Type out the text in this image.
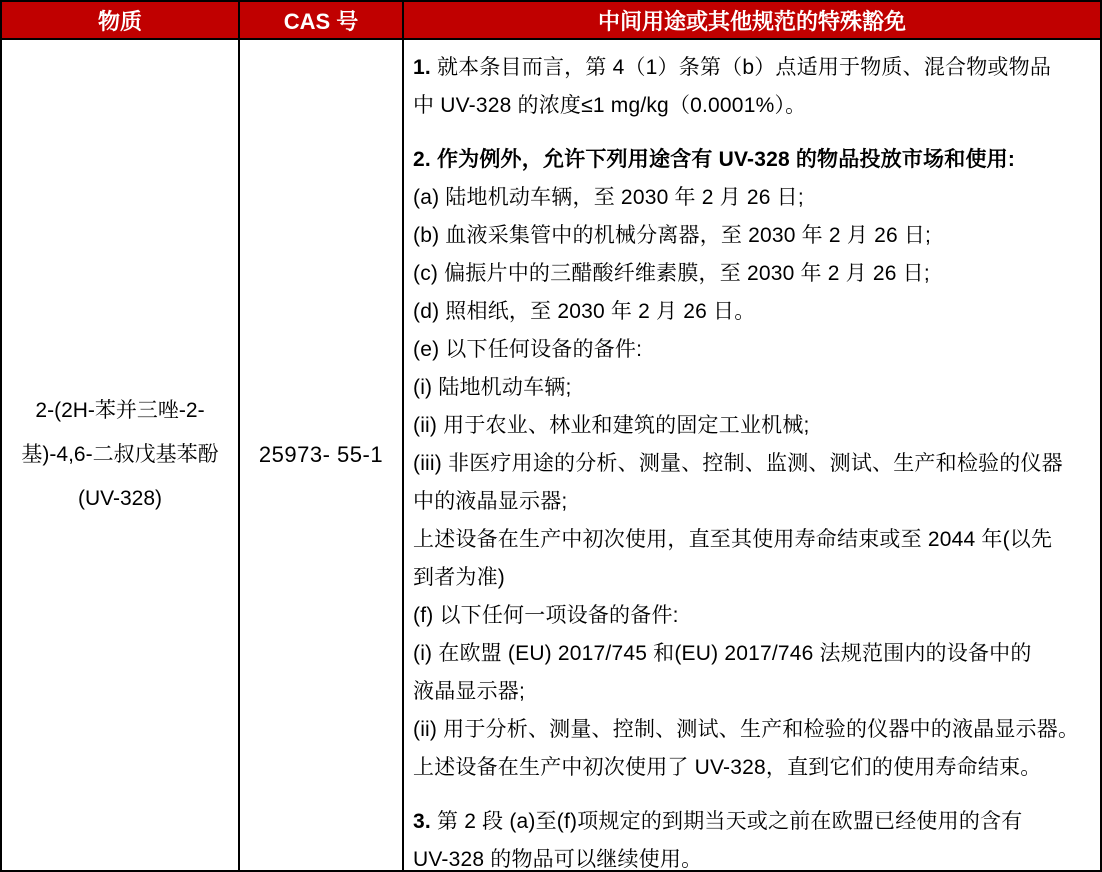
物质	CAS 号	中间用途或其他规范的特殊豁免
2-(2H-苯并三唑-2-
基)-4,6-二叔戊基苯酚
(UV-328)
25973- 55-1
1. 就本条目而言，第 4（1）条第（b）点适用于物质、混合物或物品
中 UV-328 的浓度≤1 mg/kg（0.0001%）。
2. 作为例外，允许下列用途含有 UV-328 的物品投放市场和使用:
(a) 陆地机动车辆，至 2030 年 2 月 26 日;
(b) 血液采集管中的机械分离器，至 2030 年 2 月 26 日;
(c) 偏振片中的三醋酸纤维素膜，至 2030 年 2 月 26 日;
(d) 照相纸，至 2030 年 2 月 26 日。
(e) 以下任何设备的备件:
(i) 陆地机动车辆;
(ii) 用于农业、林业和建筑的固定工业机械;
(iii) 非医疗用途的分析、测量、控制、监测、测试、生产和检验的仪器
中的液晶显示器;
上述设备在生产中初次使用，直至其使用寿命结束或至 2044 年(以先
到者为准)
(f) 以下任何一项设备的备件:
(i) 在欧盟 (EU) 2017/745 和(EU) 2017/746 法规范围内的设备中的
液晶显示器;
(ii) 用于分析、测量、控制、测试、生产和检验的仪器中的液晶显示器。
上述设备在生产中初次使用了 UV-328，直到它们的使用寿命结束。
3. 第 2 段 (a)至(f)项规定的到期当天或之前在欧盟已经使用的含有
UV-328 的物品可以继续使用。
